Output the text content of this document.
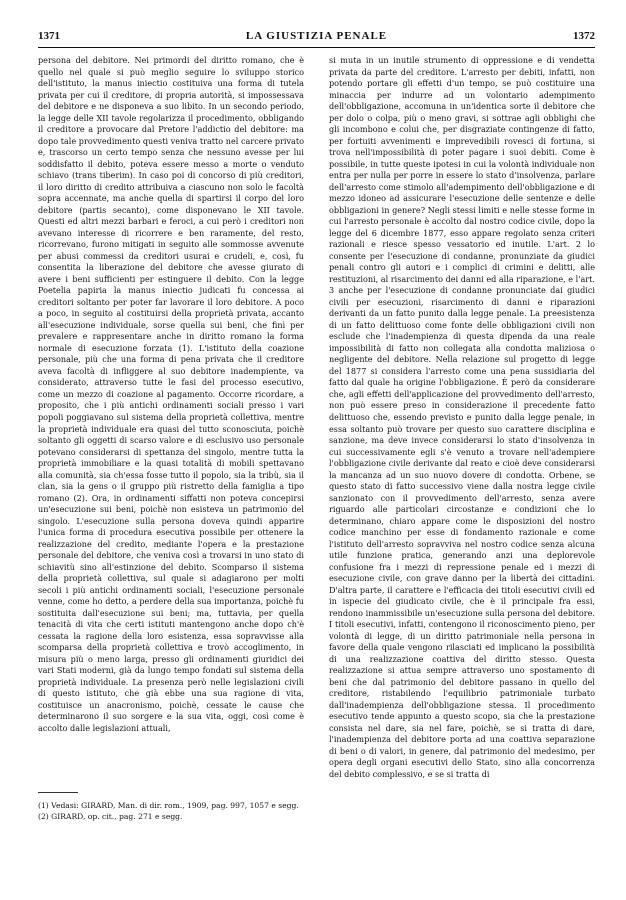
1371	LA GIUSTIZIA PENALE	1372

persona del debitore. Nei primordi del diritto romano, che è quello nel quale si può meglio seguire lo sviluppo storico dell'istituto, la manus iniectio costituiva una forma di tutela privata per cui il creditore, di propria autorità, si impossessava del debitore e ne disponeva a suo libito. In un secondo periodo, la legge delle XII tavole regolarizza il procedimento, obbligando il creditore a provocare dal Pretore l'addictio del debitore: ma dopo tale provvedimento questi veniva tratto nel carcere privato e, trascorso un certo tempo senza che nessuno avesse per lui soddisfatto il debito, poteva essere messo a morte o venduto schiavo (trans tiberim). In caso poi di concorso di più creditori, il loro diritto di credito attribuiva a ciascuno non solo le facoltà sopra accennate, ma anche quella di spartirsi il corpo del loro debitore (partis secanto), come disponevano le XII tavole. Questi ed altri mezzi barbari e feroci, a cui però i creditori non avevano interesse di ricorrere e ben raramente, del resto, ricorrevano, furono mitigati in seguito alle sommosse avvenute per abusi commessi da creditori usurai e crudeli, e, così, fu consentita la liberazione del debitore che avesse giurato di avere i beni sufficienti per estinguere il debito. Con la legge Poetelia papiria la manus iniectio judicati fu concessa ai creditori soltanto per poter far lavorare il loro debitore. A poco a poco, in seguito al costituirsi della proprietà privata, accanto all'esecuzione individuale, sorse quella sui beni, che finì per prevalere e rappresentare anche in diritto romano la forma normale di esecuzione forzata (1). L'istituto della coazione personale, più che una forma di pena privata che il creditore aveva facoltà di infliggere al suo debitore inadempiente, va considerato, attraverso tutte le fasi del processo esecutivo, come un mezzo di coazione al pagamento. Occorre ricordare, a proposito, che i più antichi ordinamenti sociali presso i vari popoli poggiavano sul sistema della proprietà collettiva, mentre la proprietà individuale era quasi del tutto sconosciuta, poichè soltanto gli oggetti di scarso valore e di esclusivo uso personale potevano considerarsi di spettanza del singolo, mentre tutta la proprietà immobiliare e la quasi totalità di mobili spettavano alla comunità, sia ch'essa fosse tutto il popolo, sia la tribù, sia il clan, sia la gens o il gruppo più ristretto della famiglia a tipo romano (2). Ora, in ordinamenti siffatti non poteva concepirsi un'esecuzione sui beni, poichè non esisteva un patrimonio del singolo. L'esecuzione sulla persona doveva quindi apparire l'unica forma di procedura esecutiva possibile per ottenere la realizzazione del credito, mediante l'opera e la prestazione personale del debitore, che veniva così a trovarsi in uno stato di schiavitù sino all'estinzione del debito. Scomparso il sistema della proprietà collettiva, sul quale si adagiarono per molti secoli i più antichi ordinamenti sociali, l'esecuzione personale venne, come ho detto, a perdere della sua importanza, poichè fu sostituita dall'esecuzione sui beni; ma, tuttavia, per quella tenacità di vita che certi istituti mantengono anche dopo ch'è cessata la ragione della loro esistenza, essa sopravvisse alla scomparsa della proprietà collettiva e trovò accoglimento, in misura più o meno larga, presso gli ordinamenti giuridici dei vari Stati moderni, già da lungo tempo fondati sul sistema della proprietà individuale. La presenza però nelle legislazioni civili di questo istituto, che già ebbe una sua ragione di vita, costituisce un anacronismo, poichè, cessate le cause che determinarono il suo sorgere e la sua vita, oggi, così come è accolto dalle legislazioni attuali,

si muta in un inutile strumento di oppressione e di vendetta privata da parte del creditore. L'arresto per debiti, infatti, non potendo portare gli effetti d'un tempo, se può costituire una minaccia per indurre ad un volontario adempimento dell'obbligazione, accomuna in un'identica sorte il debitore che per dolo o colpa, più o meno gravi, si sottrae agli obblighi che gli incombono e colui che, per disgraziate contingenze di fatto, per fortuiti avvenimenti e imprevedibili rovesci di fortuna, si trova nell'impossibilità di poter pagare i suoi debiti. Come è possibile, in tutte queste ipotesi in cui la volontà individuale non entra per nulla per porre in essere lo stato d'insolvenza, parlare dell'arresto come stimolo all'adempimento dell'obbligazione e di mezzo idoneo ad assicurare l'esecuzione delle sentenze e delle obbligazioni in genere? Negli stessi limiti e nelle stesse forme in cui l'arresto personale è accolto dal nostro codice civile, dopo la legge del 6 dicembre 1877, esso appare regolato senza criteri razionali e riesce spesso vessatorio ed inutile. L'art. 2 lo consente per l'esecuzione di condanne, pronunziate da giudici penali contro gli autori e i complici di crimini e delitti, alle restituzioni, al risarcimento dei danni ed alla riparazione, e l'art. 3 anche per l'esecuzione di condanne pronunciate dai giudici civili per esecuzioni, risarcimento di danni e riparazioni derivanti da un fatto punito dalla legge penale. La preesistenza di un fatto delittuoso come fonte delle obbligazioni civili non esclude che l'inadempienza di questa dipenda da una reale impossibilità di fatto non collegata alla condotta maliziosa o negligente del debitore. Nella relazione sul progetto di legge del 1877 si considera l'arresto come una pena sussidiaria del fatto dal quale ha origine l'obbligazione. È però da considerare che, agli effetti dell'applicazione del provvedimento dell'arresto, non può essere preso in considerazione il precedente fatto delittuoso che, essendo previsto e punito dalla legge penale, in essa soltanto può trovare per questo suo carattere disciplina e sanzione, ma deve invece considerarsi lo stato d'insolvenza in cui successivamente egli s'è venuto a trovare nell'adempiere l'obbligazione civile derivante dal reato e cioè deve considerarsi la mancanza ad un suo nuovo dovere di condotta. Orbene, se questo stato di fatto successivo viene dalla nostra legge civile sanzionato con il provvedimento dell'arresto, senza avere riguardo alle particolari circostanze e condizioni che lo determinano, chiaro appare come le disposizioni del nostro codice manchino per esse di fondamento razionale e come l'istituto dell'arresto sopravviva nel nostro codice senza alcuna utile funzione pratica, generando anzi una deplorevole confusione fra i mezzi di repressione penale ed i mezzi di esecuzione civile, con grave danno per la libertà dei cittadini. D'altra parte, il carattere e l'efficacia dei titoli esecutivi civili ed in ispecie del giudicato civile, che è il principale fra essi, rendono inammissibile un'esecuzione sulla persona del debitore. I titoli esecutivi, infatti, contengono il riconoscimento pieno, per volontà di legge, di un diritto patrimoniale nella persona in favore della quale vengono rilasciati ed implicano la possibilità di una realizzazione coattiva del diritto stesso. Questa realizzazione si attua sempre attraverso uno spostamento di beni che dal patrimonio del debitore passano in quello del creditore, ristabilendo l'equilibrio patrimoniale turbato dall'inadempienza dell'obbligazione stessa. Il procedimento esecutivo tende appunto a questo scopo, sia che la prestazione consista nel dare, sia nel fare, poichè, se si tratta di dare, l'inadempienza del debitore porta ad una coattiva separazione di beni o di valori, in genere, dal patrimonio del medesimo, per opera degli organi esecutivi dello Stato, sino alla concorrenza del debito complessivo, e se si tratta di

(1) Vedasi: GIRARD, Man. di dir. rom., 1909, pag. 997, 1057 e segg.
(2) GIRARD, op. cit., pag. 271 e segg.
